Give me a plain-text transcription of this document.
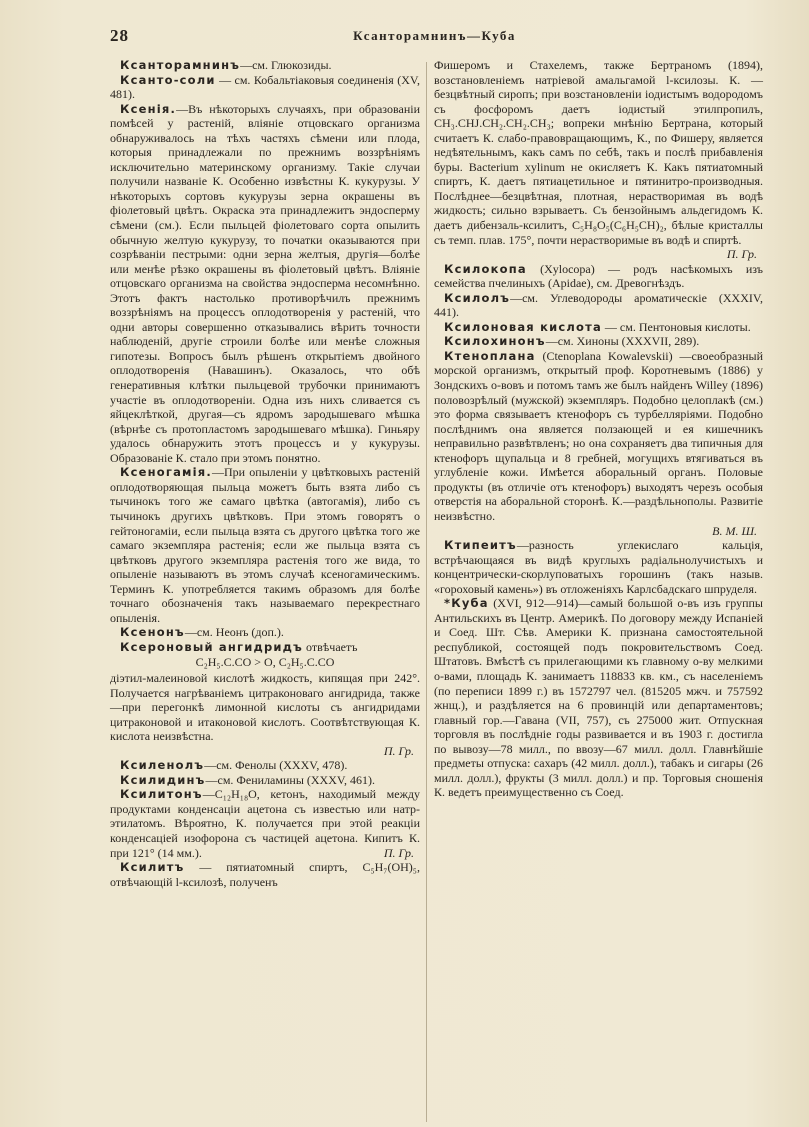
28	Ксанторамнинъ—Куба

Ксанторамнинъ—см. Глюкозиды.

Ксанто-соли — см. Кобальтіаковыя соединенія (XV, 481).

Ксенія.—Въ нѣкоторыхъ случаяхъ, при образованіи помѣсей у растеній, вліяніе отцовскаго организма обнаруживалось на тѣхъ частяхъ сѣмени или плода, которыя принадлежали по прежнимъ воззрѣніямъ исключительно материнскому организму. Такіе случаи получили названіе К. Особенно извѣстны К. кукурузы. У нѣкоторыхъ сортовъ кукурузы зерна окрашены въ фіолетовый цвѣтъ. Окраска эта принадлежитъ эндосперму сѣмени (см.). Если пыльцей фіолетоваго сорта опылить обычную желтую кукурузу, то початки оказываются при созрѣваніи пестрыми: одни зерна желтыя, другія—болѣе или менѣе рѣзко окрашены въ фіолетовый цвѣтъ. Вліяніе отцовскаго организма на свойства эндосперма несомнѣнно. Этотъ фактъ настолько противорѣчилъ прежнимъ воззрѣніямъ на процессъ оплодотворенія у растеній, что одни авторы совершенно отказывались вѣрить точности наблюденій, другіе строили болѣе или менѣе сложныя гипотезы. Вопросъ былъ рѣшенъ открытіемъ двойного оплодотворенія (Навашинъ). Оказалось, что обѣ генеративныя клѣтки пыльцевой трубочки принимаютъ участіе въ оплодотвореніи. Одна изъ нихъ сливается съ яйцеклѣткой, другая—съ ядромъ зародышеваго мѣшка (вѣрнѣе съ протопластомъ зародышеваго мѣшка). Гиньяру удалось обнаружить этотъ процессъ и у кукурузы. Образованіе К. стало при этомъ понятно.

Ксеногамія.—При опыленіи у цвѣтковыхъ растеній оплодотворяющая пыльца можетъ быть взята либо съ тычинокъ того же самаго цвѣтка (автогамія), либо съ тычинокъ другихъ цвѣтковъ. При этомъ говорятъ о гейтоногаміи, если пыльца взята съ другого цвѣтка того же самаго экземпляра растенія; если же пыльца взята съ цвѣтковъ другого экземпляра растенія того же вида, то опыленіе называютъ въ этомъ случаѣ ксеногамическимъ. Терминъ К. употребляется такимъ образомъ для болѣе точнаго обозначенія такъ называемаго перекрестнаго опыленія.

Ксенонъ—см. Неонъ (доп.).

Ксероновый ангидридъ отвѣчаетъ

C₂H₅.C.CO > O, C₂H₅.C.CO

діэтил-малеиновой кислотѣ жидкость, кипящая при 242°. Получается нагрѣваніемъ цитраконоваго ангидрида, также—при перегонкѣ лимонной кислоты съ ангидридами цитраконовой и итаконовой кислотъ. Соотвѣтствующая К. кислота неизвѣстна.

П. Гр.

Ксиленолъ—см. Фенолы (XXXV, 478).

Ксилидинъ—см. Фениламины (XXXV, 461).

Ксилитонъ—C₁₂H₁₈O, кетонъ, находимый между продуктами конденсаціи ацетона съ известью или натр-этилатомъ. Вѣроятно, К. получается при этой реакціи конденсаціей изофорона съ частицей ацетона. Кипитъ К. при 121° (14 мм.).	П. Гр.

Ксилитъ — пятиатомный спиртъ, C₅H₇(OH)₅, отвѣчающій l-ксилозѣ, полученъ

Фишеромъ и Стахелемъ, также Бертраномъ (1894), возстановленіемъ натріевой амальгамой l-ксилозы. К. — безцвѣтный сиропъ; при возстановленіи іодистымъ водородомъ съ фосфоромъ даетъ іодистый этилпропилъ, CH₃.CHJ.CH₂.CH₂.CH₃; вопреки мнѣнію Бертрана, который считаетъ К. слабо-правовращающимъ, К., по Фишеру, является недѣятельнымъ, какъ самъ по себѣ, такъ и послѣ прибавленія буры. Bacterium xylinum не окисляетъ К. Какъ пятиатомный спиртъ, К. даетъ пятиацетильное и пятинитро-производныя. Послѣднее—безцвѣтная, плотная, нерастворимая въ водѣ жидкость; сильно взрываетъ. Съ бензойнымъ альдегидомъ К. даетъ дибензаль-ксилитъ, C₅H₈O₅(C₆H₅CH)₂, бѣлые кристаллы съ темп. плав. 175°, почти нерастворимые въ водѣ и спиртѣ.
П. Гр.

Ксилокопа (Xylocopa) — родъ насѣкомыхъ изъ семейства пчелиныхъ (Apidae), см. Древогнѣздъ.

Ксилолъ—см. Углеводороды ароматическіе (XXXIV, 441).

Ксилоновая кислота — см. Пентоновыя кислоты.

Ксилохинонъ—см. Хиноны (XXXVII, 289).

Ктенопланa (Ctenoplana Kowalevskii) —своеобразный морской организмъ, открытый проф. Коротневымъ (1886) у Зондскихъ о-вовъ и потомъ тамъ же былъ найденъ Willey (1896) половозрѣлый (мужской) экземпляръ. Подобно целоплакѣ (см.) это форма связываетъ ктенофоръ съ турбелляріями. Подобно послѣднимъ она является ползающей и ея кишечникъ неправильно развѣтвленъ; но она сохраняетъ два типичныя для ктенофоръ щупальца и 8 гребней, могущихъ втягиваться въ углубленіе кожи. Имѣется аборальный органъ. Половые продукты (въ отличіе отъ ктенофоръ) выходятъ черезъ особыя отверстія на аборальной сторонѣ. К.—раздѣльнополы. Развитіе неизвѣстно.

В. М. Ш.

Ктипеитъ—разность углекислаго кальція, встрѣчающаяся въ видѣ круглыхъ радіальнолучистыхъ и концентрически-скорлуповатыхъ горошинъ (такъ назыв. «гороховый камень») въ отложеніяхъ Карлсбадскаго шпруделя.

*Куба (XVI, 912—914)—самый большой о-въ изъ группы Антильскихъ въ Центр. Америкѣ. По договору между Испаніей и Соед. Шт. Сѣв. Америки К. признана самостоятельной республикой, состоящей подъ покровительствомъ Соед. Штатовъ. Вмѣстѣ съ прилегающими къ главному о-ву мелкими о-вами, площадь К. занимаетъ 118833 кв. км., съ населеніемъ (по переписи 1899 г.) въ 1572797 чел. (815205 мжч. и 757592 жнщ.), и раздѣляется на 6 провинцій или департаментовъ; главный гор.—Гавана (VII, 757), съ 275000 жит. Отпускная торговля въ послѣдніе годы развивается и въ 1903 г. достигла по вывозу—78 милл., по ввозу—67 милл. долл. Главнѣйшіе предметы отпуска: сахаръ (42 милл. долл.), табакъ и сигары (26 милл. долл.), фрукты (3 милл. долл.) и пр. Торговыя сношенія К. ведетъ преимущественно съ Соед.
